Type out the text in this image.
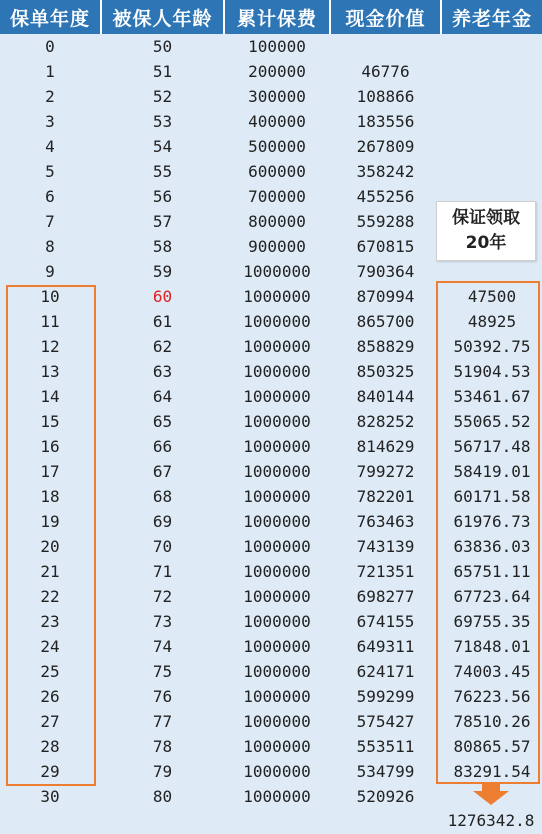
保单年度	被保人年龄	累计保费	现金价值	养老年金
0	50	100000
1	51	200000	46776
2	52	300000	108866
3	53	400000	183556
4	54	500000	267809
5	55	600000	358242
6	56	700000	455256
7	57	800000	559288
8	58	900000	670815
9	59	1000000	790364
10	60	1000000	870994	47500
11	61	1000000	865700	48925
12	62	1000000	858829	50392.75
13	63	1000000	850325	51904.53
14	64	1000000	840144	53461.67
15	65	1000000	828252	55065.52
16	66	1000000	814629	56717.48
17	67	1000000	799272	58419.01
18	68	1000000	782201	60171.58
19	69	1000000	763463	61976.73
20	70	1000000	743139	63836.03
21	71	1000000	721351	65751.11
22	72	1000000	698277	67723.64
23	73	1000000	674155	69755.35
24	74	1000000	649311	71848.01
25	75	1000000	624171	74003.45
26	76	1000000	599299	76223.56
27	77	1000000	575427	78510.26
28	78	1000000	553511	80865.57
29	79	1000000	534799	83291.54
30	80	1000000	520926
保证领取
20年
1276342.8
